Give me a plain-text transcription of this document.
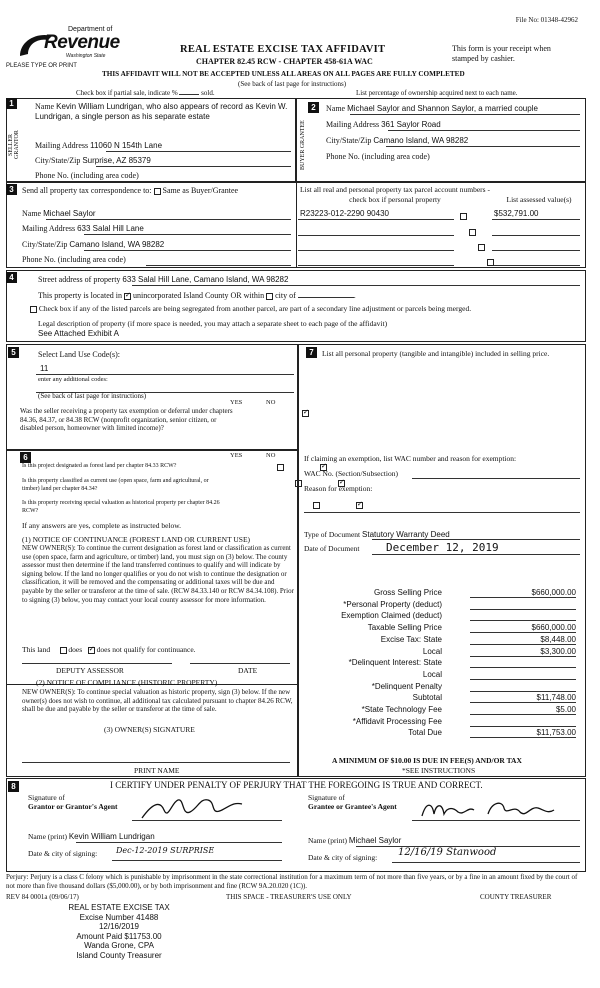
File No: 01348-42962
Department of
Revenue
Washington State
PLEASE TYPE OR PRINT
REAL ESTATE EXCISE TAX AFFIDAVIT
CHAPTER 82.45 RCW - CHAPTER 458-61A WAC
This form is your receipt when stamped by cashier.
THIS AFFIDAVIT WILL NOT BE ACCEPTED UNLESS ALL AREAS ON ALL PAGES ARE FULLY COMPLETED
(See back of last page for instructions)
Check box if partial sale, indicate %	sold.	List percentage of ownership acquired next to each name.
1
SELLER GRANTOR
Name Kevin William Lundrigan, who also appears of record as Kevin W. Lundrigan, a single person as his separate estate
Mailing Address 11060 N 154th Lane
City/State/Zip Surprise, AZ 85379
Phone No. (including area code)
2
BUYER GRANTEE
Name Michael Saylor and Shannon Saylor, a married couple
Mailing Address 361 Saylor Road
City/State/Zip Camano Island, WA 98282
Phone No. (including area code)
3	Send all property tax correspondence to: Same as Buyer/Grantee	List all real and personal property tax parcel account numbers - check box if personal property	List assessed value(s)
Name Michael Saylor
Mailing Address 633 Salal Hill Lane
City/State/Zip Camano Island, WA 98282
Phone No. (including area code)
R23223-012-2290 90430	$532,791.00

4	Street address of property 633 Salal Hill Lane, Camano Island, WA 98282
This property is located in ✓ unincorporated Island County OR within city of	.
Check box if any of the listed parcels are being segregated from another parcel, are part of a secondary line adjustment or parcels being merged.
Legal description of property (if more space is needed, you may attach a separate sheet to each page of the affidavit)
See Attached Exhibit A
5	Select Land Use Code(s):
11
enter any additional codes:
(See back of last page for instructions)
YES	NO
Was the seller receiving a property tax exemption or deferral under chapters 84.36, 84.37, or 84.38 RCW (nonprofit organization, senior citizen, or disabled person, homeowner with limited income)?
✓
6	YES	NO
Is this project designated as forest land per chapter 84.33 RCW?
✓
Is this property classified as current use (open space, farm and agricultural, or timber) land per chapter 84.34?
✓
Is this property receiving special valuation as historical property per chapter 84.26 RCW?
✓
If any answers are yes, complete as instructed below.
(1) NOTICE OF CONTINUANCE (FOREST LAND OR CURRENT USE)
NEW OWNER(S): To continue the current designation as forest land or classification as current use (open space, farm and agriculture, or timber) land, you must sign on (3) below. The county assessor must then determine if the land transferred continues to qualify and will indicate by signing below. If the land no longer qualifies or you do not wish to continue the designation or classification, it will be removed and the compensating or additional taxes will be due and payable by the seller or transferor at the time of sale. (RCW 84.33.140 or RCW 84.34.108). Prior to signing (3) below, you may contact your local county assessor for more information.
This land does ✓ does not qualify for continuance.
DEPUTY ASSESSOR	DATE
(2) NOTICE OF COMPLIANCE (HISTORIC PROPERTY)
NEW OWNER(S): To continue special valuation as historic property, sign (3) below. If the new owner(s) does not wish to continue, all additional tax calculated pursuant to chapter 84.26 RCW, shall be due and payable by the seller or transferor at the time of sale.
(3) OWNER(S) SIGNATURE
PRINT NAME
7	List all personal property (tangible and intangible) included in selling price.
If claiming an exemption, list WAC number and reason for exemption:
WAC No. (Section/Subsection)
Reason for exemption:
Type of Document Statutory Warranty Deed
Date of Document December 12, 2019
Gross Selling Price	$660,000.00
*Personal Property (deduct)
Exemption Claimed (deduct)
Taxable Selling Price	$660,000.00
Excise Tax: State	$8,448.00
Local	$3,300.00
*Delinquent Interest: State
Local
*Delinquent Penalty
Subtotal	$11,748.00
*State Technology Fee	$5.00
*Affidavit Processing Fee
Total Due	$11,753.00
A MINIMUM OF $10.00 IS DUE IN FEE(S) AND/OR TAX
*SEE INSTRUCTIONS
8	I CERTIFY UNDER PENALTY OF PERJURY THAT THE FOREGOING IS TRUE AND CORRECT.
Signature of
Grantor or Grantor's Agent
Name (print) Kevin William Lundrigan
Date & city of signing: Dec-12-2019 SURPRISE
Signature of
Grantee or Grantee's Agent
Name (print) Michael Saylor
Date & city of signing: 12/16/19 Stanwood
Perjury: Perjury is a class C felony which is punishable by imprisonment in the state correctional institution for a maximum term of not more than five years, or by a fine in an amount fixed by the court of not more than five thousand dollars ($5,000.00), or by both imprisonment and fine (RCW 9A.20.020 (1C)).
REV 84 0001a (09/06/17)	THIS SPACE - TREASURER'S USE ONLY	COUNTY TREASURER
REAL ESTATE EXCISE TAX
Excise Number 41488
12/16/2019
Amount Paid $11753.00
Wanda Grone, CPA
Island County Treasurer
